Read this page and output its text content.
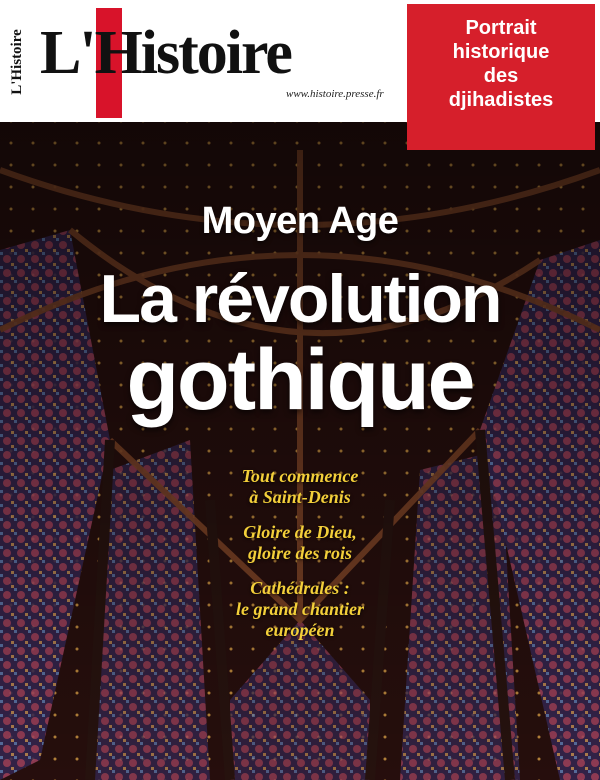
L'Histoire L'Histoire
www.histoire.presse.fr
Portrait
historique
des
djihadistes
Moyen Age
La révolution
gothique
Tout commence
à Saint-Denis
Gloire de Dieu,
gloire des rois
Cathédrales :
le grand chantier
européen
